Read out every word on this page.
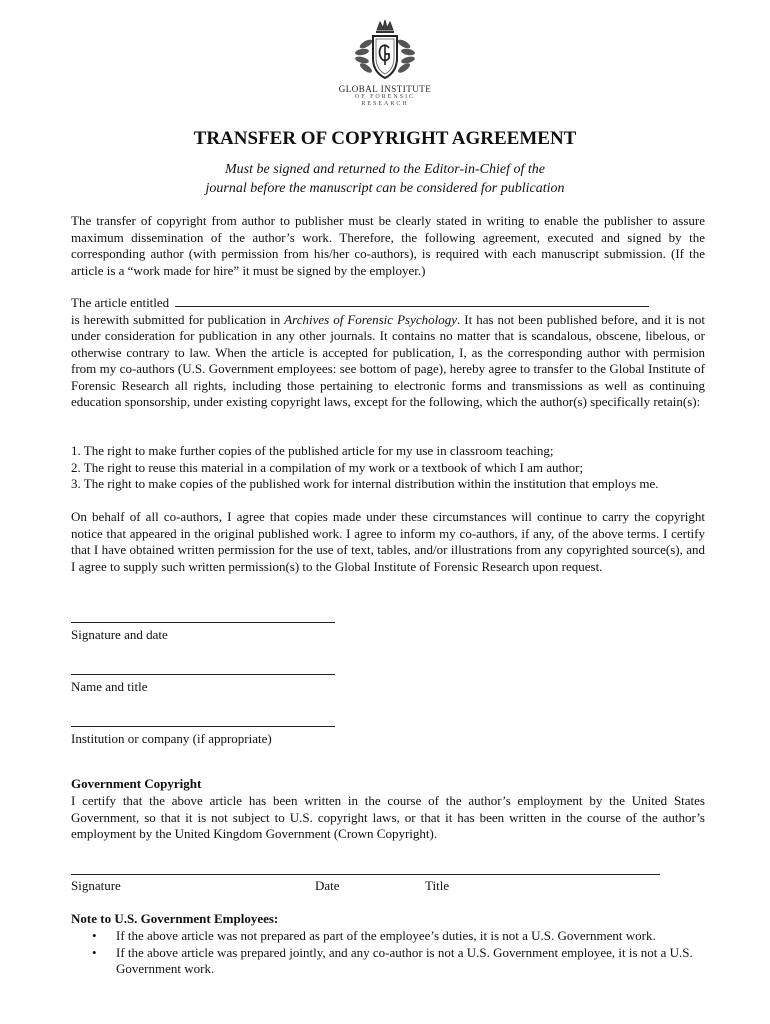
GLOBAL INSTITUTE
OF FORENSIC RESEARCH
TRANSFER OF COPYRIGHT AGREEMENT
Must be signed and returned to the Editor-in-Chief of the
journal before the manuscript can be considered for publication
The transfer of copyright from author to publisher must be clearly stated in writing to enable the publisher to assure maximum dissemination of the author’s work. Therefore, the following agreement, executed and signed by the corresponding author (with permission from his/her co-authors), is required with each manuscript submission. (If the article is a “work made for hire” it must be signed by the employer.)
The article entitled
is herewith submitted for publication in Archives of Forensic Psychology. It has not been published before, and it is not under consideration for publication in any other journals. It contains no matter that is scandalous, obscene, libelous, or otherwise contrary to law. When the article is accepted for publication, I, as the corresponding author with permision from my co-authors (U.S. Government employees: see bottom of page), hereby agree to transfer to the Global Institute of Forensic Research all rights, including those pertaining to electronic forms and transmissions as well as continuing education sponsorship, under existing copyright laws, except for the following, which the author(s) specifically retain(s):
1. The right to make further copies of the published article for my use in classroom teaching;
2. The right to reuse this material in a compilation of my work or a textbook of which I am author;
3. The right to make copies of the published work for internal distribution within the institution that employs me.
On behalf of all co-authors, I agree that copies made under these circumstances will continue to carry the copyright notice that appeared in the original published work. I agree to inform my co-authors, if any, of the above terms. I certify that I have obtained written permission for the use of text, tables, and/or illustrations from any copyrighted source(s), and I agree to supply such written permission(s) to the Global Institute of Forensic Research upon request.
Signature and date
Name and title
Institution or company (if appropriate)
Government Copyright
I certify that the above article has been written in the course of the author’s employment by the United States Government, so that it is not subject to U.S. copyright laws, or that it has been written in the course of the author’s employment by the United Kingdom Government (Crown Copyright).
Signature	Date	Title
Note to U.S. Government Employees:
• If the above article was not prepared as part of the employee’s duties, it is not a U.S. Government work.
• If the above article was prepared jointly, and any co-author is not a U.S. Government employee, it is not a U.S. Government work.
